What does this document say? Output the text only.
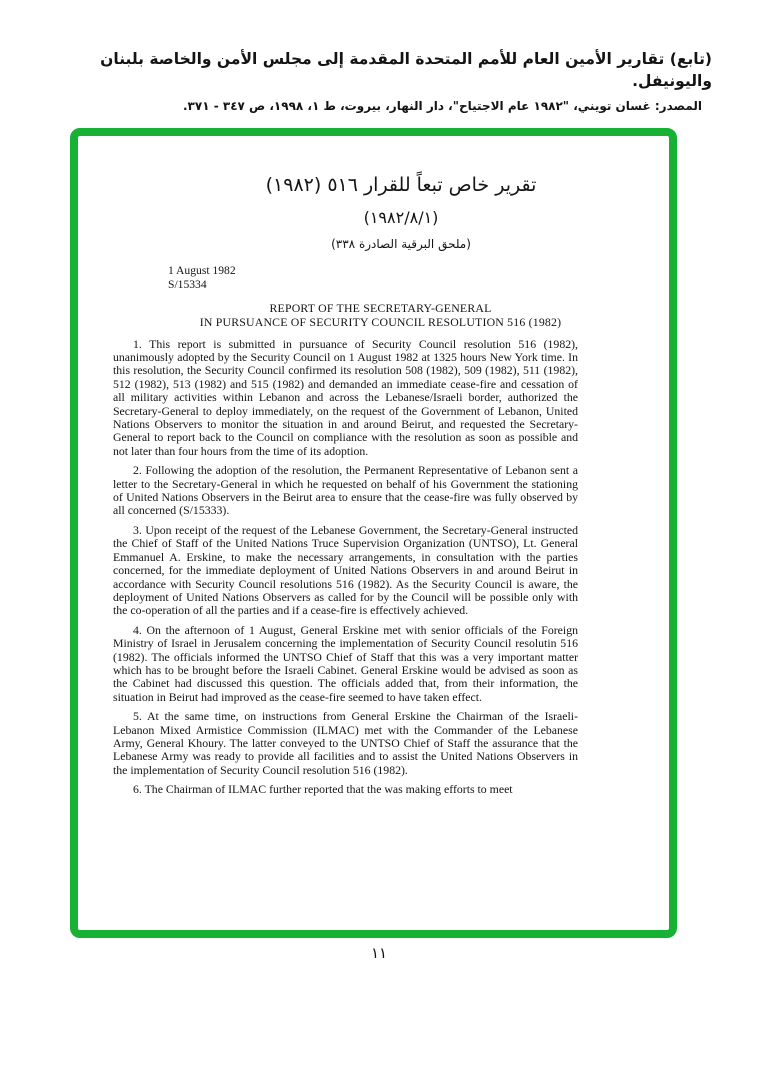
(تابع) تقارير الأمين العام للأمم المتحدة المقدمة إلى مجلس الأمن والخاصة بلبنان واليونيفل.
المصدر: غسان تويني، "١٩٨٢ عام الاجتياح"، دار النهار، بيروت، ط ١، ١٩٩٨، ص ٣٤٧ - ٣٧١.
تقرير خاص تبعاً للقرار ٥١٦ (١٩٨٢)
(١٩٨٢/٨/١)
(ملحق البرقية الصادرة ٣٣٨)
1 August 1982
S/15334
REPORT OF THE SECRETARY-GENERAL
IN PURSUANCE OF SECURITY COUNCIL RESOLUTION 516 (1982)

1. This report is submitted in pursuance of Security Council resolution 516 (1982), unanimously adopted by the Security Council on 1 August 1982 at 1325 hours New York time. In this resolution, the Security Council confirmed its resolution 508 (1982), 509 (1982), 511 (1982), 512 (1982), 513 (1982) and 515 (1982) and demanded an immediate cease-fire and cessation of all military activities within Lebanon and across the Lebanese/Israeli border, authorized the Secretary-General to deploy immediately, on the request of the Government of Lebanon, United Nations Observers to monitor the situation in and around Beirut, and requested the Secretary-General to report back to the Council on compliance with the resolution as soon as possible and not later than four hours from the time of its adoption.

2. Following the adoption of the resolution, the Permanent Representative of Lebanon sent a letter to the Secretary-General in which he requested on behalf of his Government the stationing of United Nations Observers in the Beirut area to ensure that the cease-fire was fully observed by all concerned (S/15333).

3. Upon receipt of the request of the Lebanese Government, the Secretary-General instructed the Chief of Staff of the United Nations Truce Supervision Organization (UNTSO), Lt. General Emmanuel A. Erskine, to make the necessary arrangements, in consultation with the parties concerned, for the immediate deployment of United Nations Observers in and around Beirut in accordance with Security Council resolutions 516 (1982). As the Security Council is aware, the deployment of United Nations Observers as called for by the Council will be possible only with the co-operation of all the parties and if a cease-fire is effectively achieved.

4. On the afternoon of 1 August, General Erskine met with senior officials of the Foreign Ministry of Israel in Jerusalem concerning the implementation of Security Council resolutin 516 (1982). The officials informed the UNTSO Chief of Staff that this was a very important matter which has to be brought before the Israeli Cabinet. General Erskine would be advised as soon as the Cabinet had discussed this question. The officials added that, from their information, the situation in Beirut had improved as the cease-fire seemed to have taken effect.

5. At the same time, on instructions from General Erskine the Chairman of the Israeli-Lebanon Mixed Armistice Commission (ILMAC) met with the Commander of the Lebanese Army, General Khoury. The latter conveyed to the UNTSO Chief of Staff the assurance that the Lebanese Army was ready to provide all facilities and to assist the United Nations Observers in the implementation of Security Council resolution 516 (1982).

6. The Chairman of ILMAC further reported that the was making efforts to meet

١١
